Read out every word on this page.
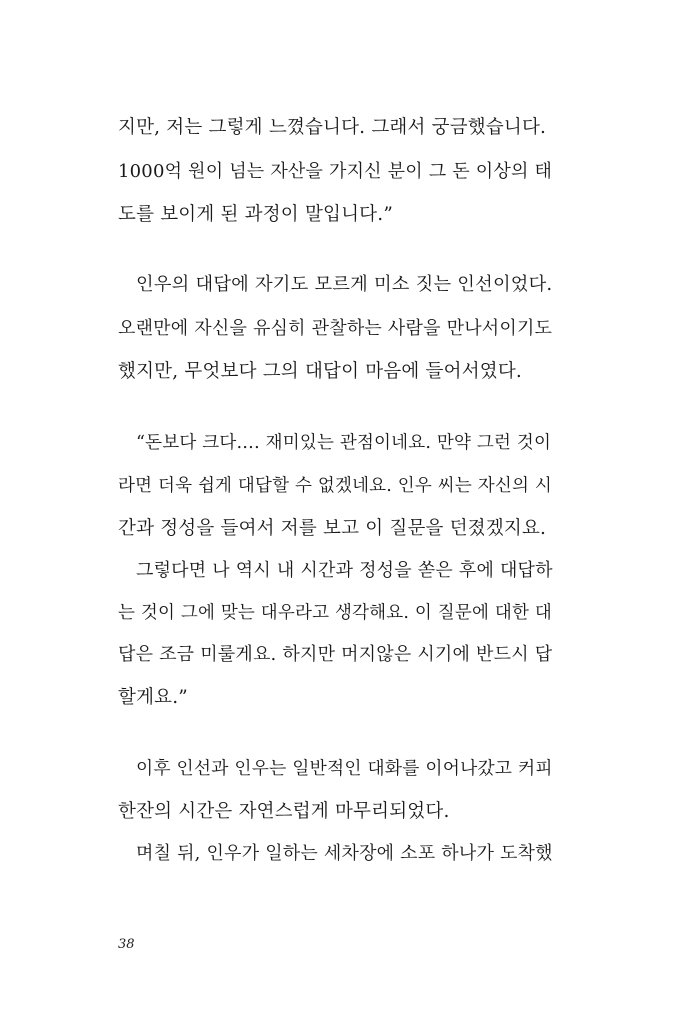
지만, 저는 그렇게 느꼈습니다. 그래서 궁금했습니다.
1000억 원이 넘는 자산을 가지신 분이 그 돈 이상의 태
도를 보이게 된 과정이 말입니다.”
인우의 대답에 자기도 모르게 미소 짓는 인선이었다.
오랜만에 자신을 유심히 관찰하는 사람을 만나서이기도
했지만, 무엇보다 그의 대답이 마음에 들어서였다.
“돈보다 크다…. 재미있는 관점이네요. 만약 그런 것이
라면 더욱 쉽게 대답할 수 없겠네요. 인우 씨는 자신의 시
간과 정성을 들여서 저를 보고 이 질문을 던졌겠지요.
그렇다면 나 역시 내 시간과 정성을 쏟은 후에 대답하
는 것이 그에 맞는 대우라고 생각해요. 이 질문에 대한 대
답은 조금 미룰게요. 하지만 머지않은 시기에 반드시 답
할게요.”
이후 인선과 인우는 일반적인 대화를 이어나갔고 커피
한잔의 시간은 자연스럽게 마무리되었다.
며칠 뒤, 인우가 일하는 세차장에 소포 하나가 도착했
38
